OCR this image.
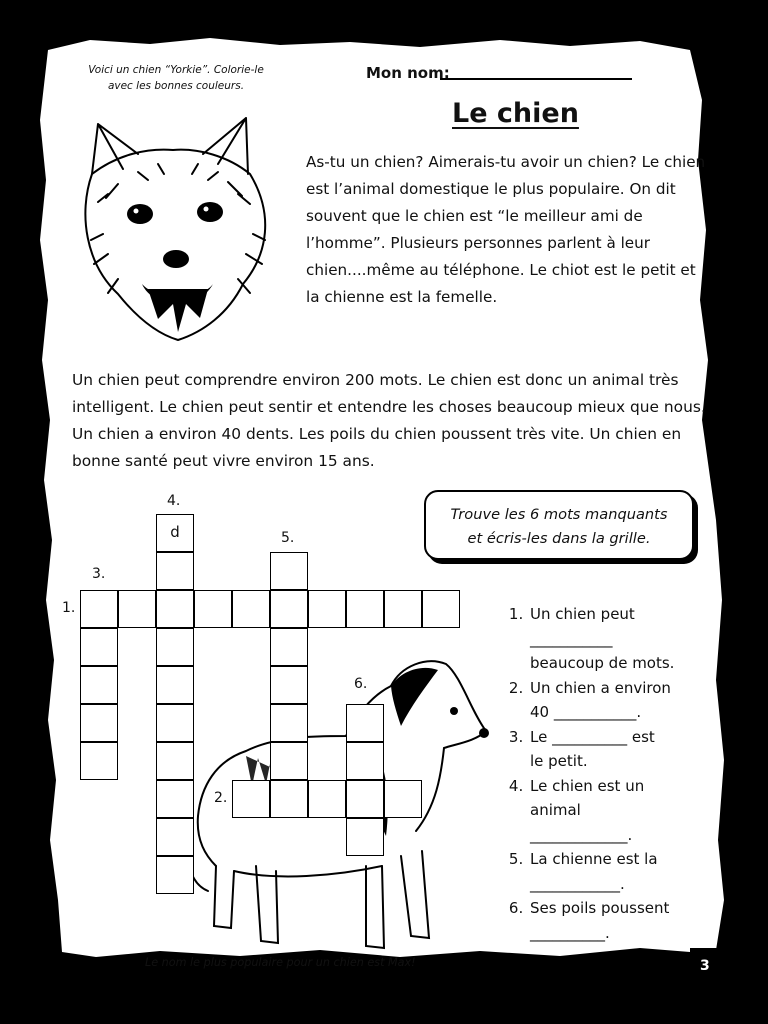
Voici un chien “Yorkie”. Colorie-le
avec les bonnes couleurs.
Mon nom:
Le chien
As-tu un chien? Aimerais-tu avoir un chien? Le chien est l’animal domestique le plus populaire. On dit souvent que le chien est “le meilleur ami de l’homme”. Plusieurs personnes parlent à leur chien....même au téléphone. Le chiot est le petit et la chienne est la femelle.
Un chien peut comprendre environ 200 mots. Le chien est donc un animal très intelligent. Le chien peut sentir et entendre les choses beaucoup mieux que nous. Un chien a environ 40 dents. Les poils du chien poussent très vite. Un chien en bonne santé peut vivre environ 15 ans.
Trouve les 6 mots manquants
et écris-les dans la grille.
d
1.
2.
3.
4.
5.
6.
1. Un chien peut
___________
beaucoup de mots.
2. Un chien a environ
40 ___________.
3. Le __________ est
le petit.
4. Le chien est un
animal
_____________.
5. La chienne est la
____________.
6. Ses poils poussent
__________.
Le nom le plus populaire pour un chien est Max!	3
